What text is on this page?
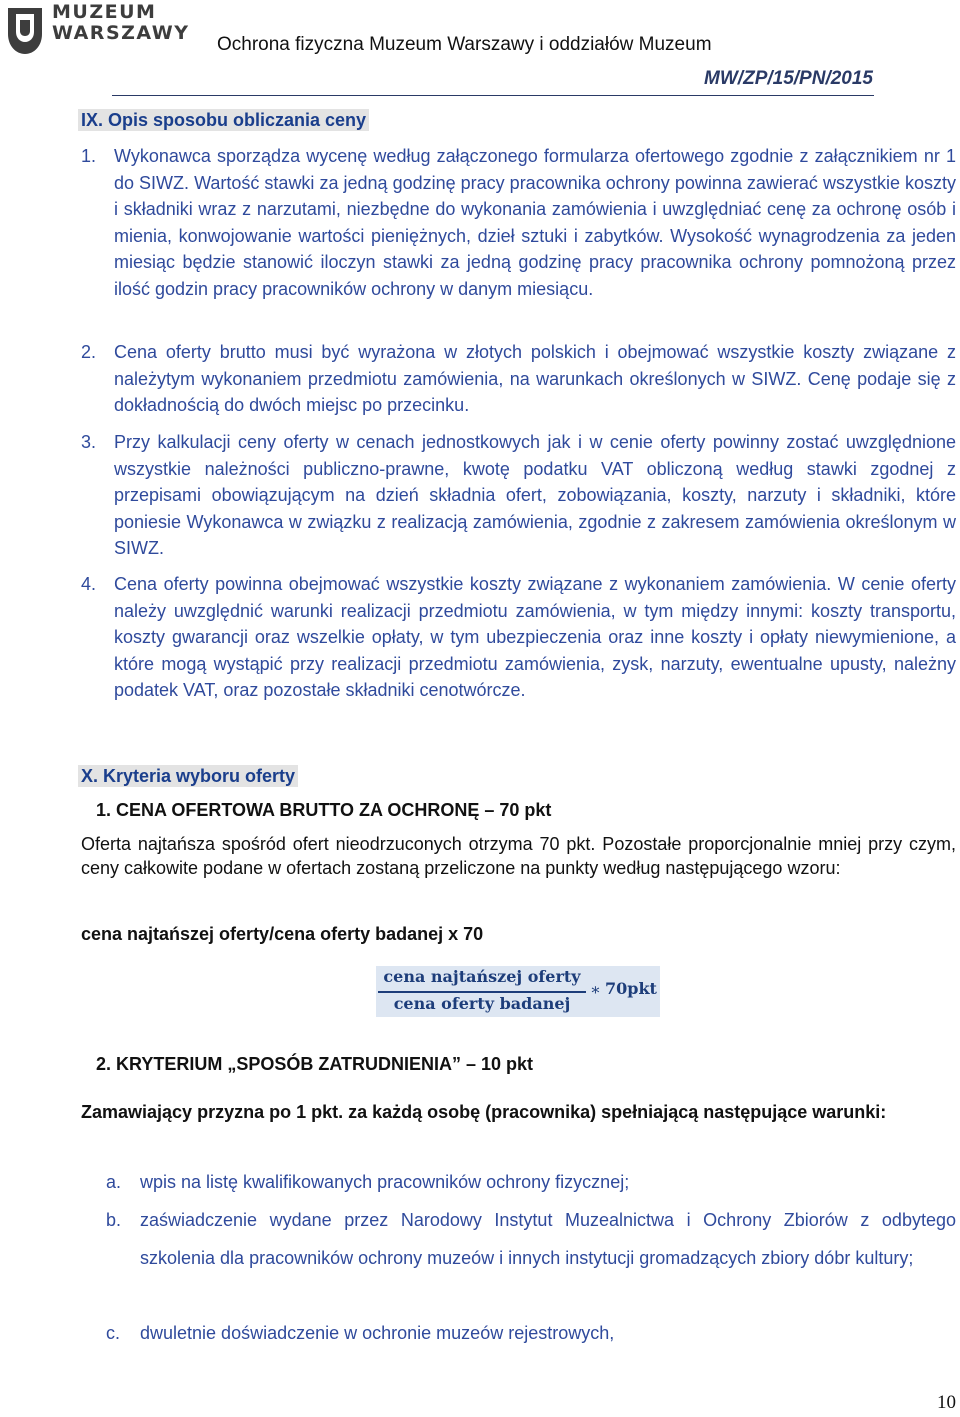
MUZEUM
WARSZAWY
Ochrona fizyczna Muzeum Warszawy i oddziałów Muzeum
MW/ZP/15/PN/2015
IX. Opis sposobu obliczania ceny
1. Wykonawca sporządza wycenę według załączonego formularza ofertowego zgodnie z załącznikiem nr 1 do SIWZ. Wartość stawki za jedną godzinę pracy pracownika ochrony powinna zawierać wszystkie koszty i składniki wraz z narzutami, niezbędne do wykonania zamówienia i uwzględniać cenę za ochronę osób i mienia, konwojowanie wartości pieniężnych, dzieł sztuki i zabytków. Wysokość wynagrodzenia za jeden miesiąc będzie stanowić iloczyn stawki za jedną godzinę pracy pracownika ochrony pomnożoną przez ilość godzin pracy pracowników ochrony w danym miesiącu.
2. Cena oferty brutto musi być wyrażona w złotych polskich i obejmować wszystkie koszty związane z należytym wykonaniem przedmiotu zamówienia, na warunkach określonych w SIWZ. Cenę podaje się z dokładnością do dwóch miejsc po przecinku.
3. Przy kalkulacji ceny oferty w cenach jednostkowych jak i w cenie oferty powinny zostać uwzględnione wszystkie należności publiczno-prawne, kwotę podatku VAT obliczoną według stawki zgodnej z przepisami obowiązującym na dzień składnia ofert, zobowiązania, koszty, narzuty i składniki, które poniesie Wykonawca w związku z realizacją zamówienia, zgodnie z zakresem zamówienia określonym w SIWZ.
4. Cena oferty powinna obejmować wszystkie koszty związane z wykonaniem zamówienia. W cenie oferty należy uwzględnić warunki realizacji przedmiotu zamówienia, w tym między innymi: koszty transportu, koszty gwarancji oraz wszelkie opłaty, w tym ubezpieczenia oraz inne koszty i opłaty niewymienione, a które mogą wystąpić przy realizacji przedmiotu zamówienia, zysk, narzuty, ewentualne upusty, należny podatek VAT, oraz pozostałe składniki cenotwórcze.
X. Kryteria wyboru oferty
1. CENA OFERTOWA BRUTTO ZA OCHRONĘ – 70 pkt
Oferta najtańsza spośród ofert nieodrzuconych otrzyma 70 pkt. Pozostałe proporcjonalnie mniej przy czym, ceny całkowite podane w ofertach zostaną przeliczone na punkty według następującego wzoru:
cena najtańszej oferty/cena oferty badanej x 70
cena najtańszej oferty
cena oferty badanej
∗ 70pkt
2. KRYTERIUM „SPOSÓB ZATRUDNIENIA” – 10 pkt
Zamawiający przyzna po 1 pkt. za każdą osobę (pracownika) spełniającą następujące warunki:
a. wpis na listę kwalifikowanych pracowników ochrony fizycznej;
b. zaświadczenie wydane przez Narodowy Instytut Muzealnictwa i Ochrony Zbiorów z odbytego szkolenia dla pracowników ochrony muzeów i innych instytucji gromadzących zbiory dóbr kultury;
c. dwuletnie doświadczenie w ochronie muzeów rejestrowych,
10
